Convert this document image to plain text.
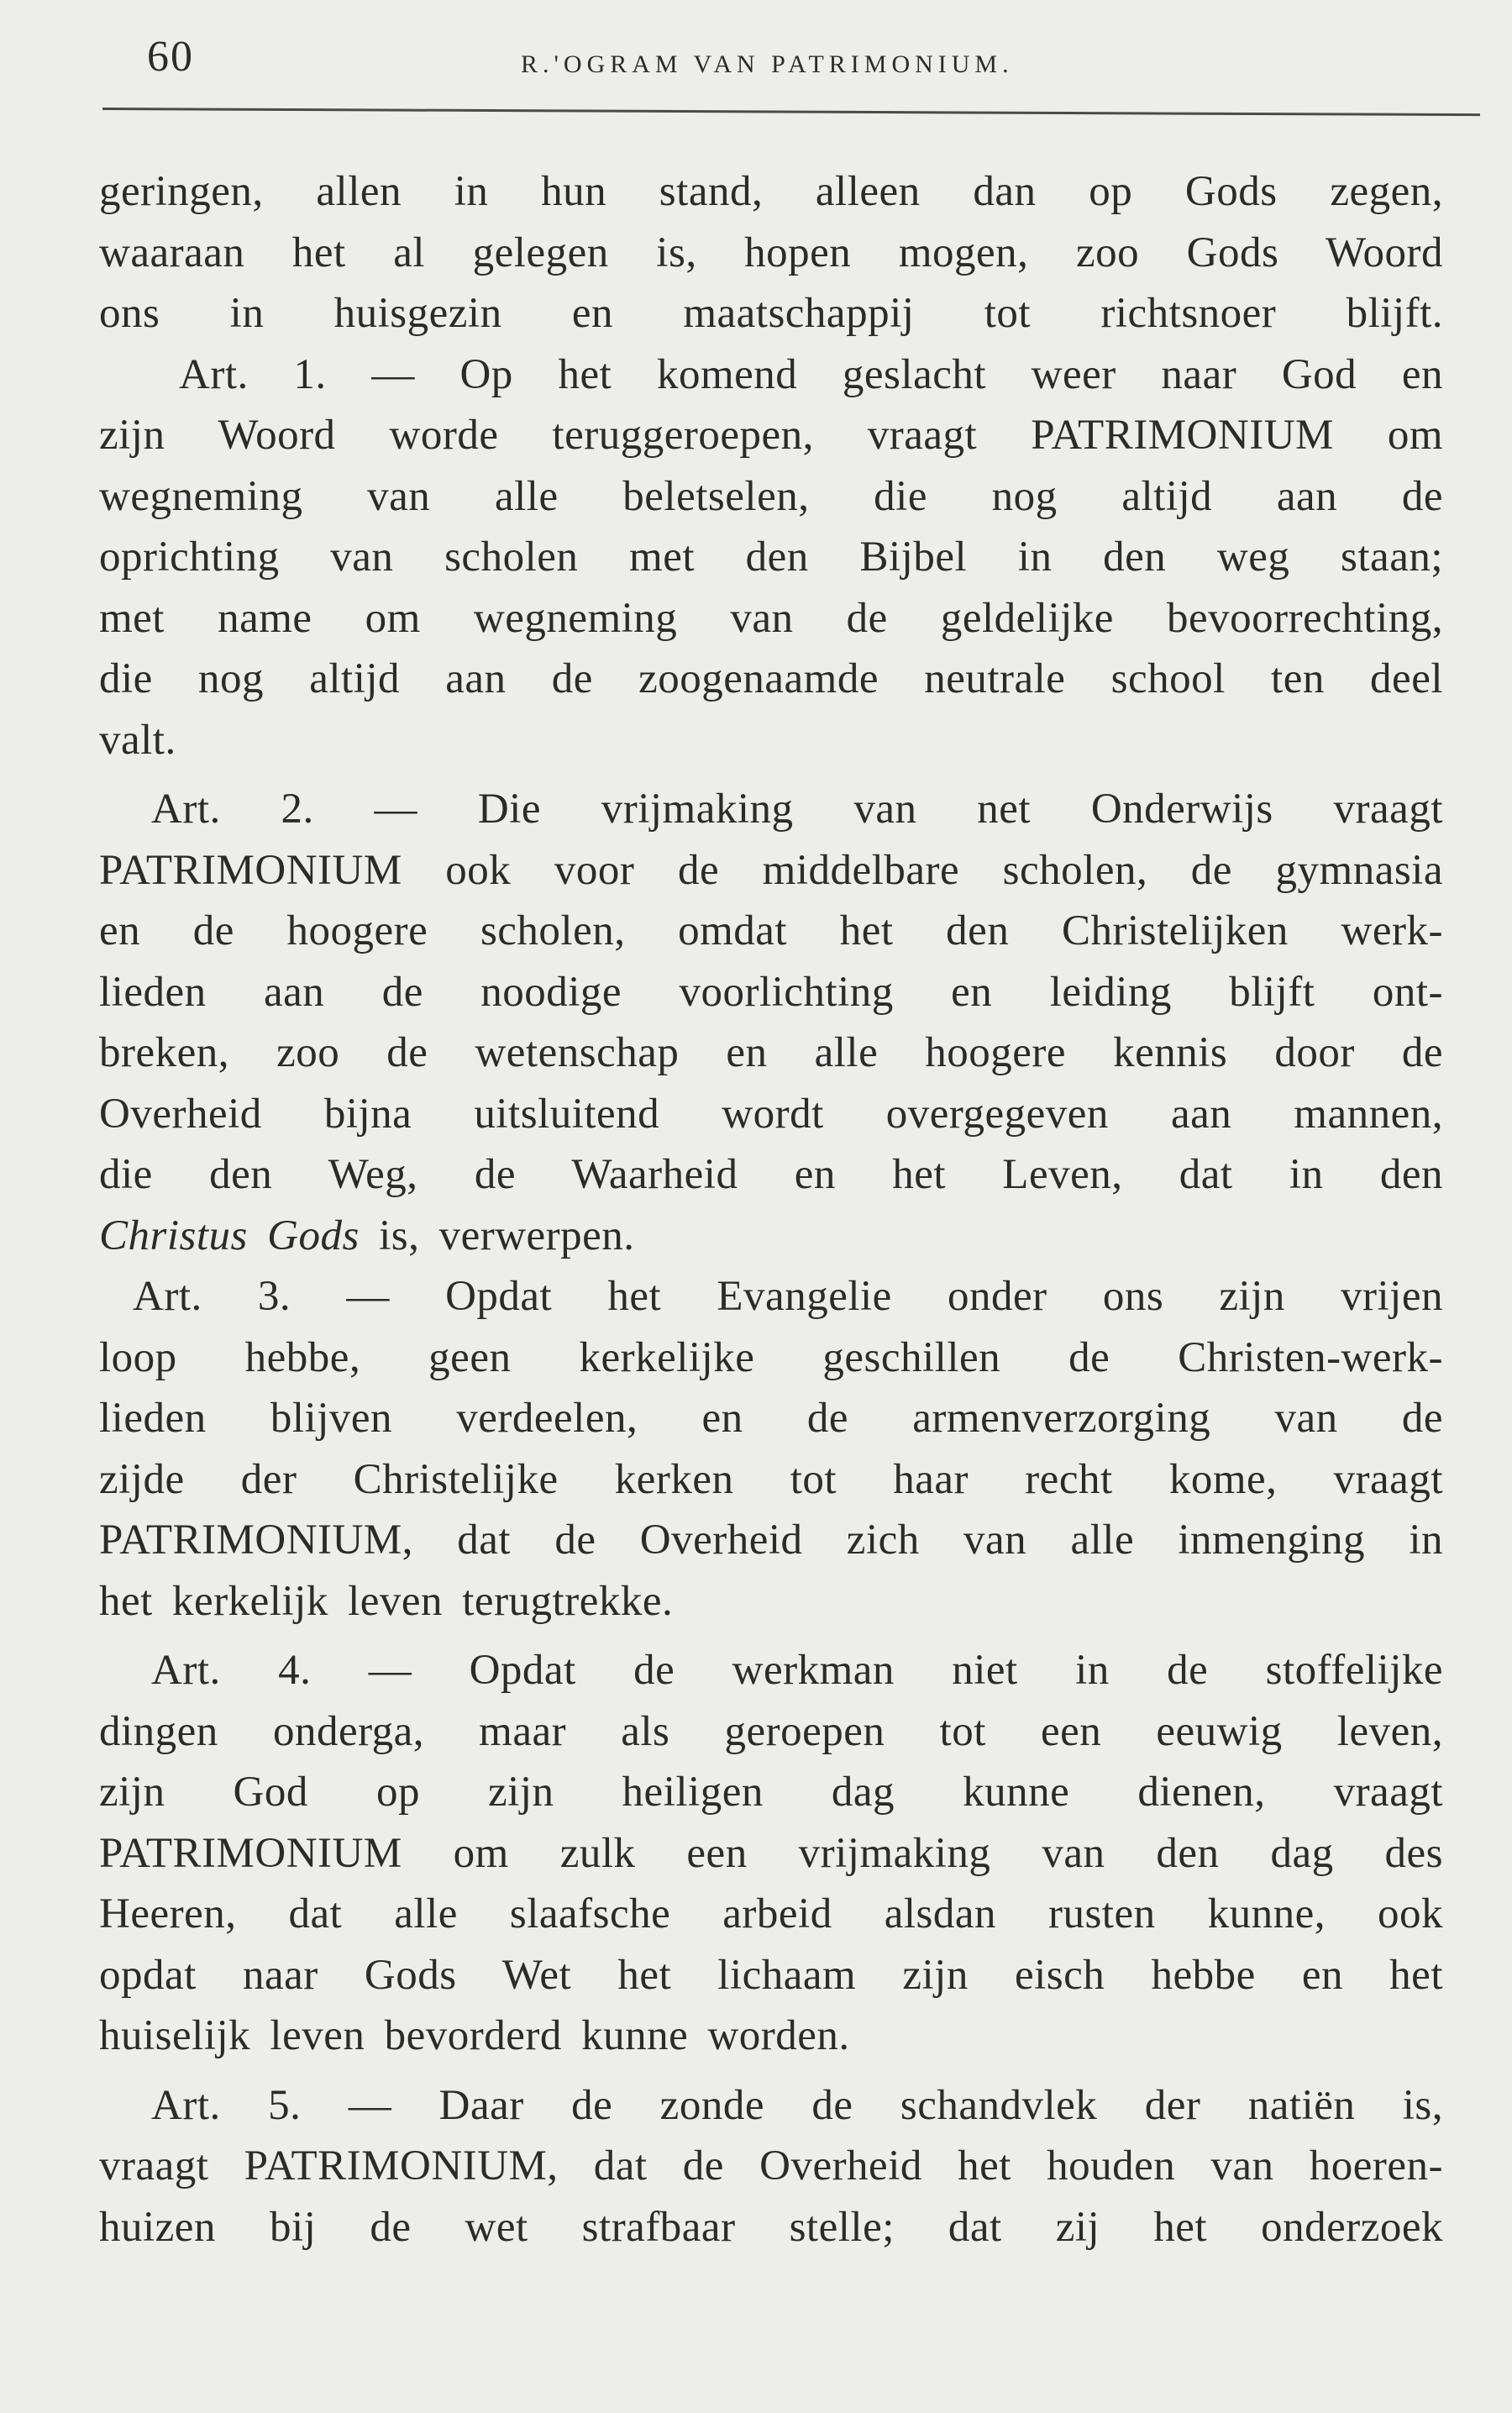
60	R.'OGRAM VAN PATRIMONIUM.
geringen, allen in hun stand, alleen dan op Gods zegen,
waaraan het al gelegen is, hopen mogen, zoo Gods Woord
ons in huisgezin en maatschappij tot richtsnoer blijft.
Art. 1. — Op het komend geslacht weer naar God en
zijn Woord worde teruggeroepen, vraagt PATRIMONIUM om
wegneming van alle beletselen, die nog altijd aan de
oprichting van scholen met den Bijbel in den weg staan;
met name om wegneming van de geldelijke bevoorrechting,
die nog altijd aan de zoogenaamde neutrale school ten deel
valt.
Art. 2. — Die vrijmaking van net Onderwijs vraagt
PATRIMONIUM ook voor de middelbare scholen, de gymnasia
en de hoogere scholen, omdat het den Christelijken werk-
lieden aan de noodige voorlichting en leiding blijft ont-
breken, zoo de wetenschap en alle hoogere kennis door de
Overheid bijna uitsluitend wordt overgegeven aan mannen,
die den Weg, de Waarheid en het Leven, dat in den
Christus Gods is, verwerpen.
Art. 3. — Opdat het Evangelie onder ons zijn vrijen
loop hebbe, geen kerkelijke geschillen de Christen-werk-
lieden blijven verdeelen, en de armenverzorging van de
zijde der Christelijke kerken tot haar recht kome, vraagt
PATRIMONIUM, dat de Overheid zich van alle inmenging in
het kerkelijk leven terugtrekke.
Art. 4. — Opdat de werkman niet in de stoffelijke
dingen onderga, maar als geroepen tot een eeuwig leven,
zijn God op zijn heiligen dag kunne dienen, vraagt
PATRIMONIUM om zulk een vrijmaking van den dag des
Heeren, dat alle slaafsche arbeid alsdan rusten kunne, ook
opdat naar Gods Wet het lichaam zijn eisch hebbe en het
huiselijk leven bevorderd kunne worden.
Art. 5. — Daar de zonde de schandvlek der natiën is,
vraagt PATRIMONIUM, dat de Overheid het houden van hoeren-
huizen bij de wet strafbaar stelle; dat zij het onderzoek
